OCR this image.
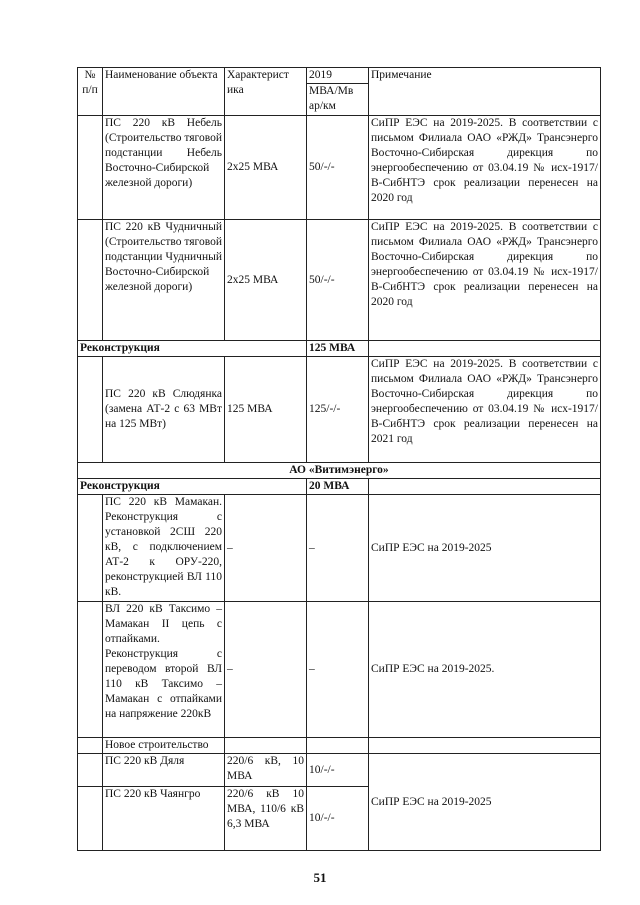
№ п/п	Наименование объекта	Характерист ика	2019	Примечание
			МВА/Мв ар/км	
	ПС 220 кВ Небель (Строительство тяговой подстанции Небель Восточно-Сибирской железной дороги)	2х25 МВА	50/-/-	СиПР ЕЭС на 2019-2025. В соответствии с письмом Филиала ОАО «РЖД» Трансэнерго Восточно-Сибирская дирекция по энергообеспечению от 03.04.19 № исх-1917/В-СибНТЭ срок реализации перенесен на 2020 год
	ПС 220 кВ Чудничный (Строительство тяговой подстанции Чудничный Восточно-Сибирской железной дороги)	2х25 МВА	50/-/-	СиПР ЕЭС на 2019-2025. В соответствии с письмом Филиала ОАО «РЖД» Трансэнерго Восточно-Сибирская дирекция по энергообеспечению от 03.04.19 № исх-1917/В-СибНТЭ срок реализации перенесен на 2020 год
Реконструкция			125 МВА	
	ПС 220 кВ Слюдянка (замена АТ-2 с 63 МВт на 125 МВт)	125 МВА	125/-/-	СиПР ЕЭС на 2019-2025. В соответствии с письмом Филиала ОАО «РЖД» Трансэнерго Восточно-Сибирская дирекция по энергообеспечению от 03.04.19 № исх-1917/В-СибНТЭ срок реализации перенесен на 2021 год
АО «Витимэнерго»				
Реконструкция			20 МВА	
	ПС 220 кВ Мамакан. Реконструкция с установкой 2СШ 220 кВ, с подключением АТ-2 к ОРУ-220, реконструкцией ВЛ 110 кВ.	–	–	СиПР ЕЭС на 2019-2025
	ВЛ 220 кВ Таксимо – Мамакан II цепь с отпайками. Реконструкция с переводом второй ВЛ 110 кВ Таксимо – Мамакан с отпайками на напряжение 220кВ	–	–	СиПР ЕЭС на 2019-2025.
	Новое строительство			
	ПС 220 кВ Дяля	220/6 кВ, 10 МВА	10/-/-	СиПР ЕЭС на 2019-2025
	ПС 220 кВ Чаянгро	220/6 кВ 10 МВА, 110/6 кВ 6,3 МВА	10/-/-	
51
